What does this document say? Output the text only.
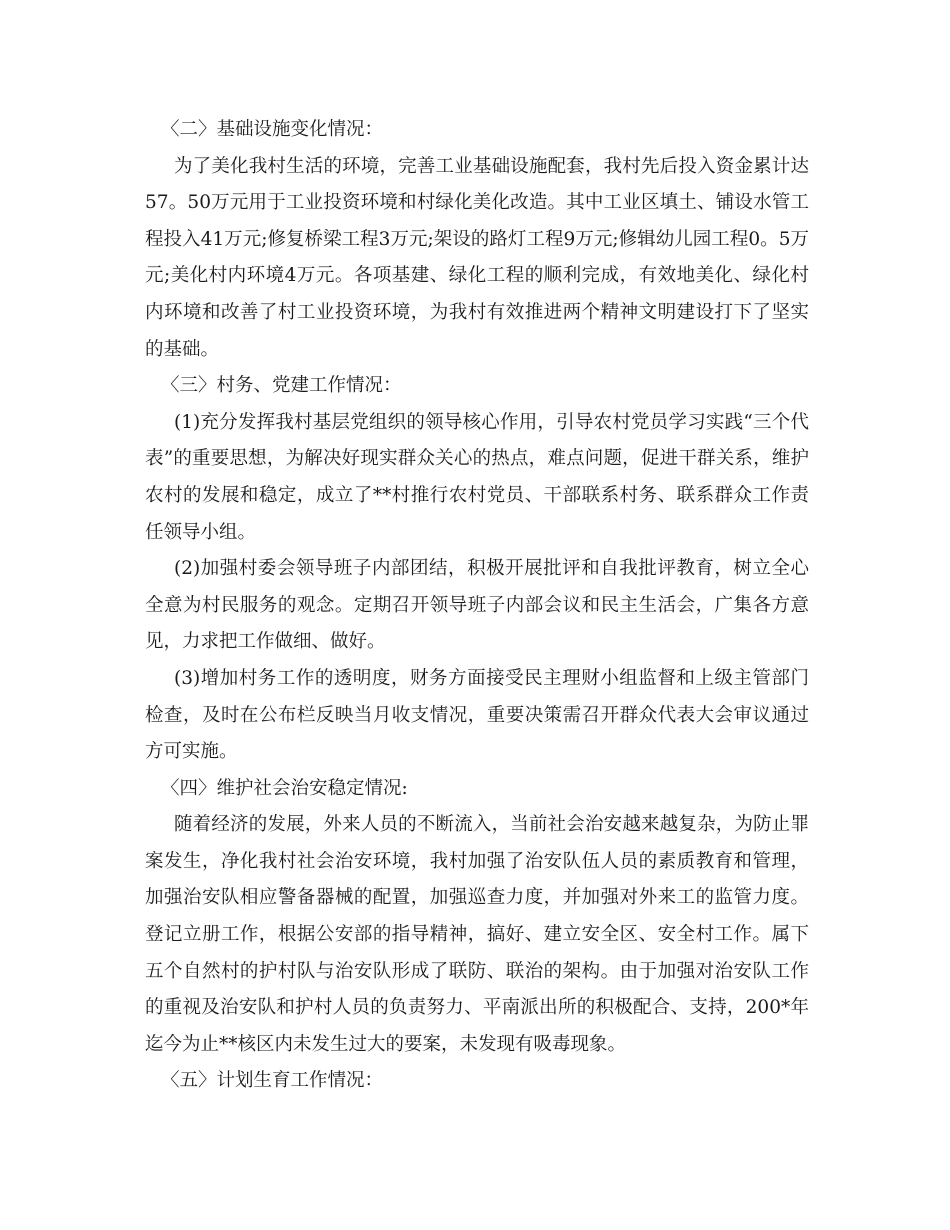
〈二〉基础设施变化情况：

为了美化我村生活的环境，完善工业基础设施配套，我村先后投入资金累计达57。50万元用于工业投资环境和村绿化美化改造。其中工业区填土、铺设水管工程投入41万元;修复桥梁工程3万元;架设的路灯工程9万元;修辑幼儿园工程0。5万元;美化村内环境4万元。各项基建、绿化工程的顺利完成，有效地美化、绿化村内环境和改善了村工业投资环境，为我村有效推进两个精神文明建设打下了坚实的基础。

〈三〉村务、党建工作情况：

(1)充分发挥我村基层党组织的领导核心作用，引导农村党员学习实践“三个代表”的重要思想，为解决好现实群众关心的热点，难点问题，促进干群关系，维护农村的发展和稳定，成立了**村推行农村党员、干部联系村务、联系群众工作责任领导小组。

(2)加强村委会领导班子内部团结，积极开展批评和自我批评教育，树立全心全意为村民服务的观念。定期召开领导班子内部会议和民主生活会，广集各方意见，力求把工作做细、做好。

(3)增加村务工作的透明度，财务方面接受民主理财小组监督和上级主管部门检查，及时在公布栏反映当月收支情况，重要决策需召开群众代表大会审议通过方可实施。

〈四〉维护社会治安稳定情况:

随着经济的发展，外来人员的不断流入，当前社会治安越来越复杂，为防止罪案发生，净化我村社会治安环境，我村加强了治安队伍人员的素质教育和管理，加强治安队相应警备器械的配置，加强巡查力度，并加强对外来工的监管力度。登记立册工作，根据公安部的指导精神，搞好、建立安全区、安全村工作。属下五个自然村的护村队与治安队形成了联防、联治的架构。由于加强对治安队工作的重视及治安队和护村人员的负责努力、平南派出所的积极配合、支持，200*年迄今为止**核区内未发生过大的要案，未发现有吸毒现象。

〈五〉计划生育工作情况：
